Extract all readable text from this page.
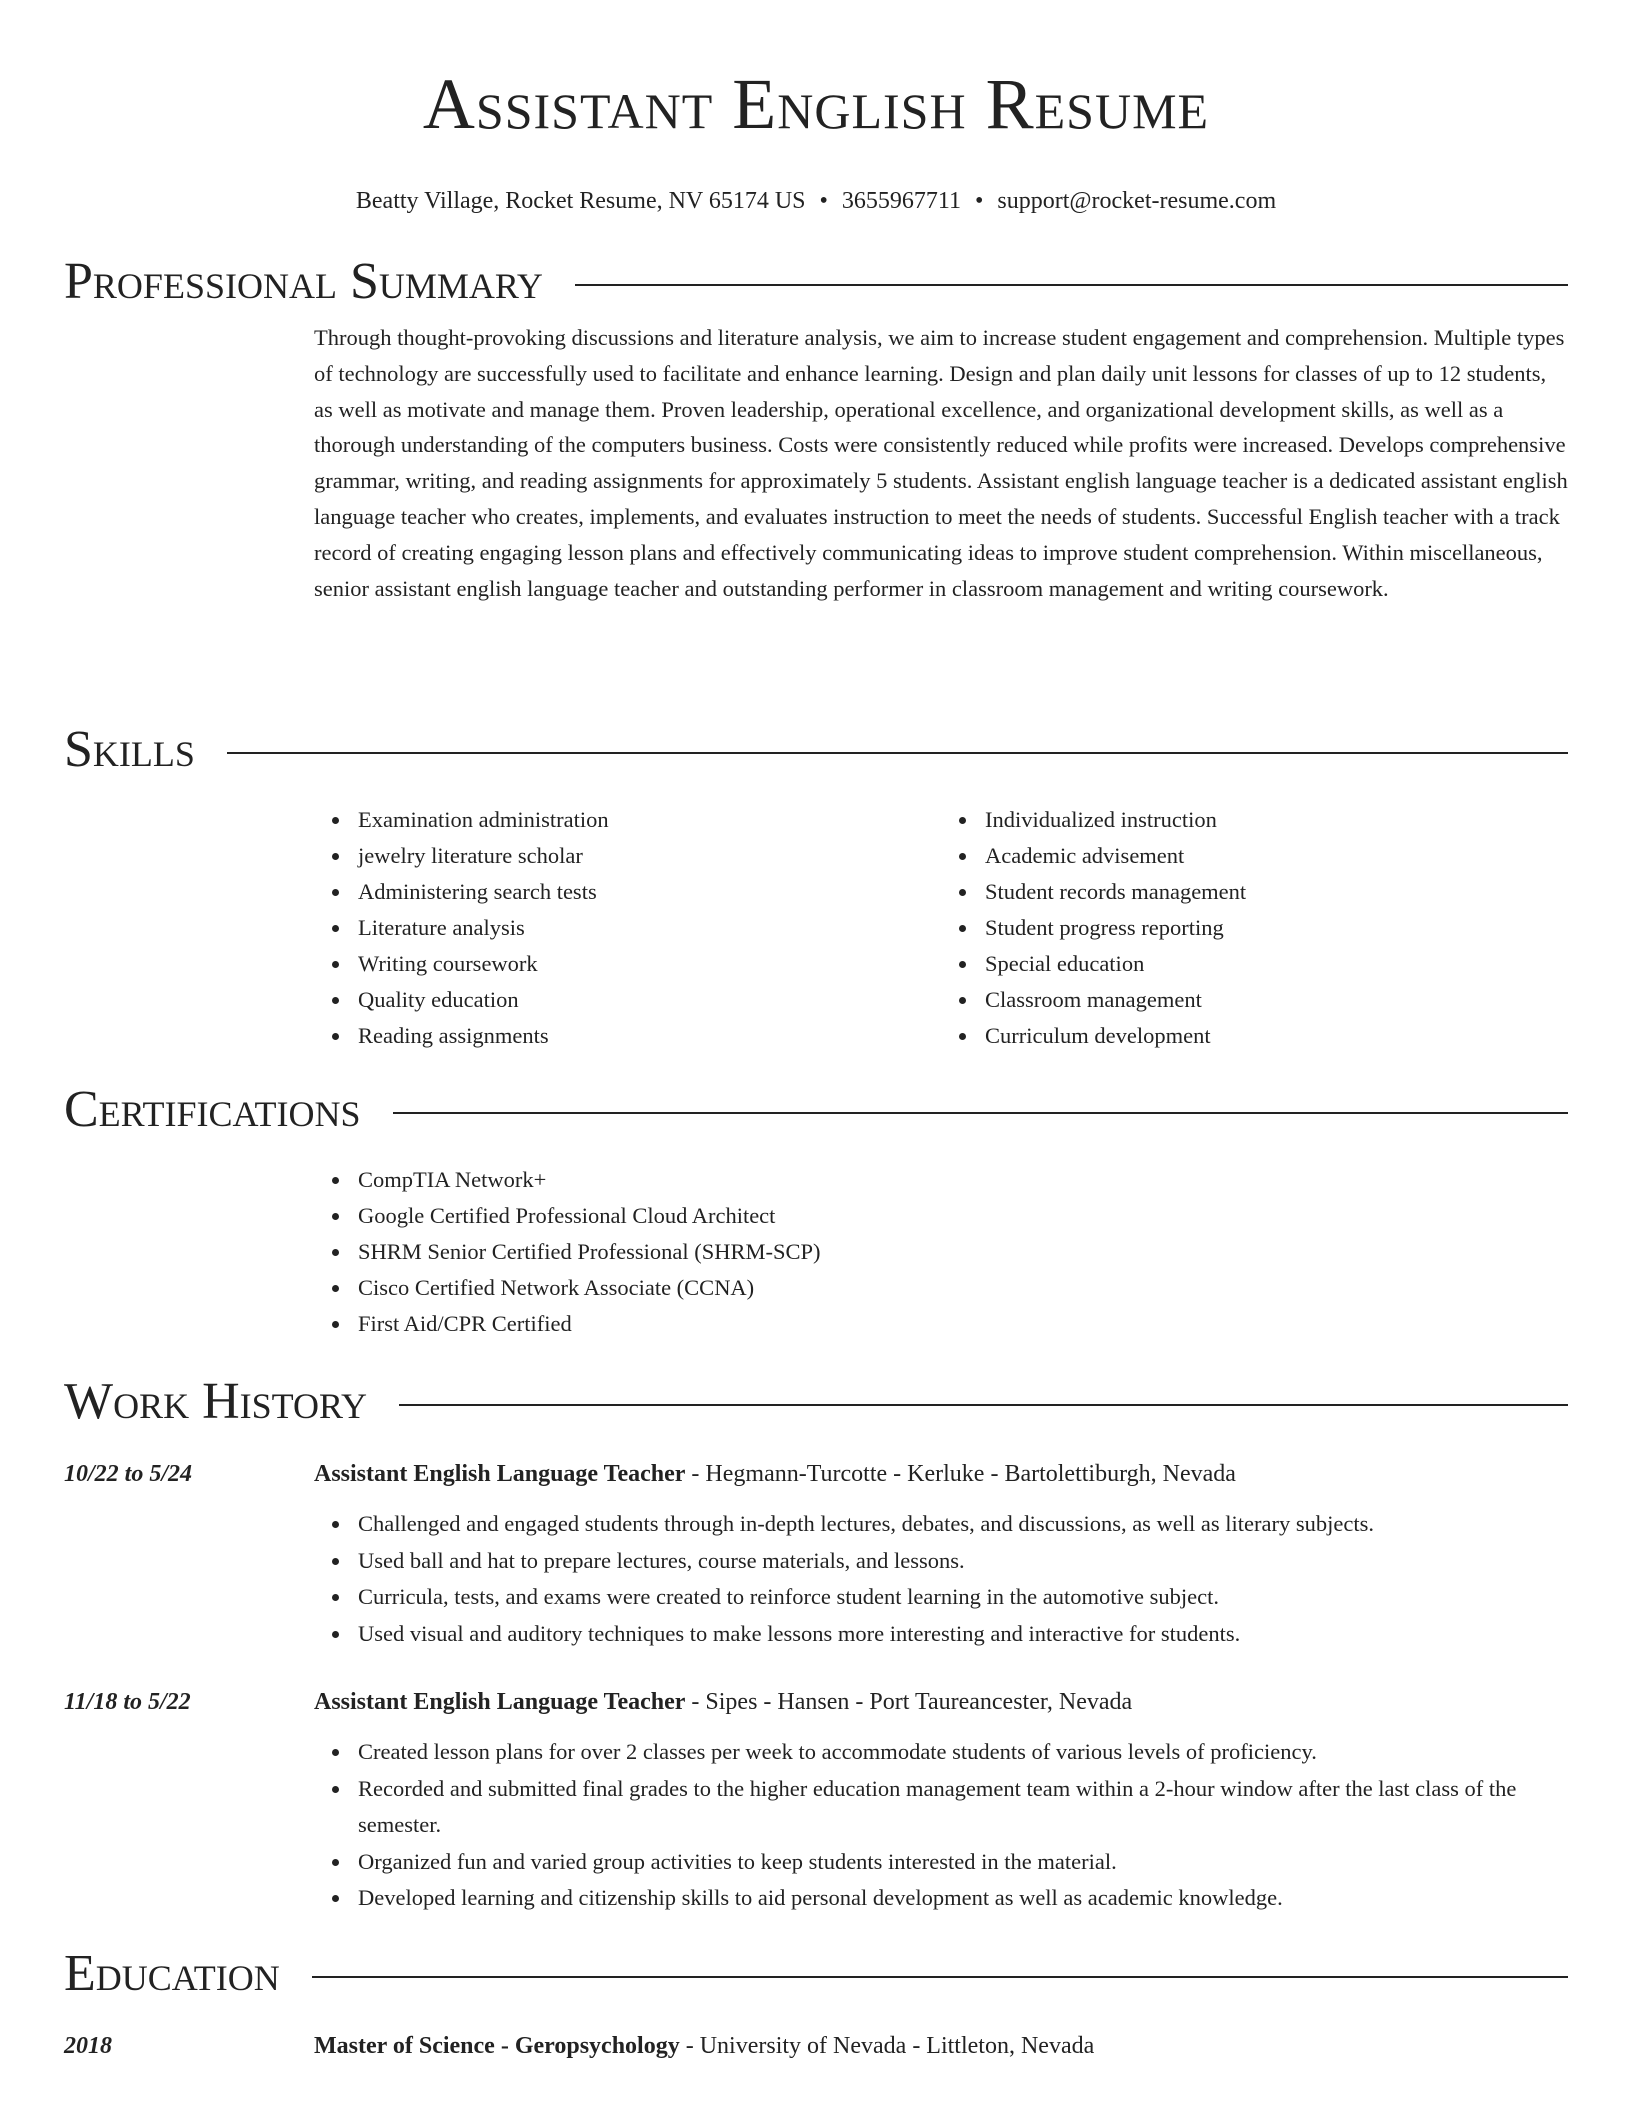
Assistant English Resume
Beatty Village, Rocket Resume, NV 65174 US • 3655967711 • support@rocket-resume.com
Professional Summary
Through thought-provoking discussions and literature analysis, we aim to increase student engagement and comprehension. Multiple types of technology are successfully used to facilitate and enhance learning. Design and plan daily unit lessons for classes of up to 12 students, as well as motivate and manage them. Proven leadership, operational excellence, and organizational development skills, as well as a thorough understanding of the computers business. Costs were consistently reduced while profits were increased. Develops comprehensive grammar, writing, and reading assignments for approximately 5 students. Assistant english language teacher is a dedicated assistant english language teacher who creates, implements, and evaluates instruction to meet the needs of students. Successful English teacher with a track record of creating engaging lesson plans and effectively communicating ideas to improve student comprehension. Within miscellaneous, senior assistant english language teacher and outstanding performer in classroom management and writing coursework.
Skills
Examination administration
jewelry literature scholar
Administering search tests
Literature analysis
Writing coursework
Quality education
Reading assignments
Individualized instruction
Academic advisement
Student records management
Student progress reporting
Special education
Classroom management
Curriculum development
Certifications
CompTIA Network+
Google Certified Professional Cloud Architect
SHRM Senior Certified Professional (SHRM-SCP)
Cisco Certified Network Associate (CCNA)
First Aid/CPR Certified
Work History
10/22 to 5/24	Assistant English Language Teacher - Hegmann-Turcotte - Kerluke - Bartolettiburgh, Nevada
Challenged and engaged students through in-depth lectures, debates, and discussions, as well as literary subjects.
Used ball and hat to prepare lectures, course materials, and lessons.
Curricula, tests, and exams were created to reinforce student learning in the automotive subject.
Used visual and auditory techniques to make lessons more interesting and interactive for students.
11/18 to 5/22	Assistant English Language Teacher - Sipes - Hansen - Port Taureancester, Nevada
Created lesson plans for over 2 classes per week to accommodate students of various levels of proficiency.
Recorded and submitted final grades to the higher education management team within a 2-hour window after the last class of the semester.
Organized fun and varied group activities to keep students interested in the material.
Developed learning and citizenship skills to aid personal development as well as academic knowledge.
Education
2018	Master of Science - Geropsychology - University of Nevada - Littleton, Nevada
